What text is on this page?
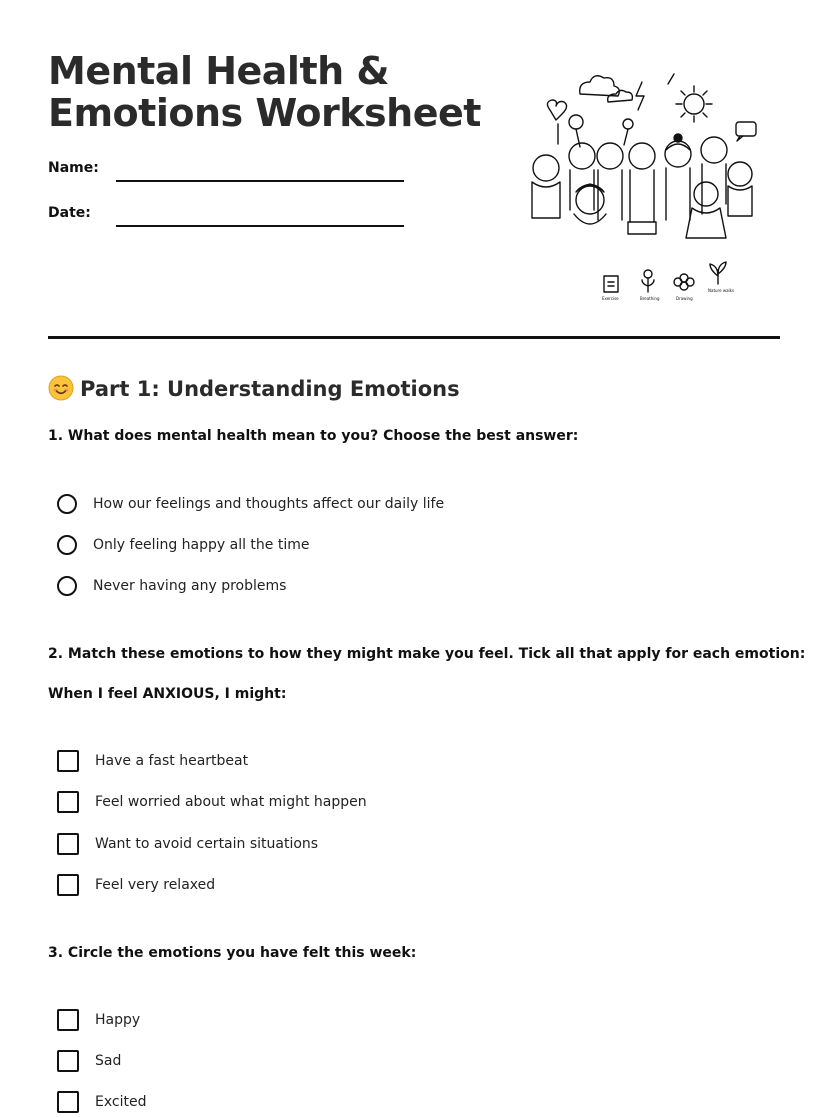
Mental Health &
Emotions Worksheet
Name:
Date:
Exercise	Breathing	Drawing
Nature walks
Part 1: Understanding Emotions
1. What does mental health mean to you? Choose the best answer:
How our feelings and thoughts affect our daily life
Only feeling happy all the time
Never having any problems
2. Match these emotions to how they might make you feel. Tick all that apply for each emotion:
When I feel ANXIOUS, I might:
Have a fast heartbeat
Feel worried about what might happen
Want to avoid certain situations
Feel very relaxed
3. Circle the emotions you have felt this week:
Happy
Sad
Excited
